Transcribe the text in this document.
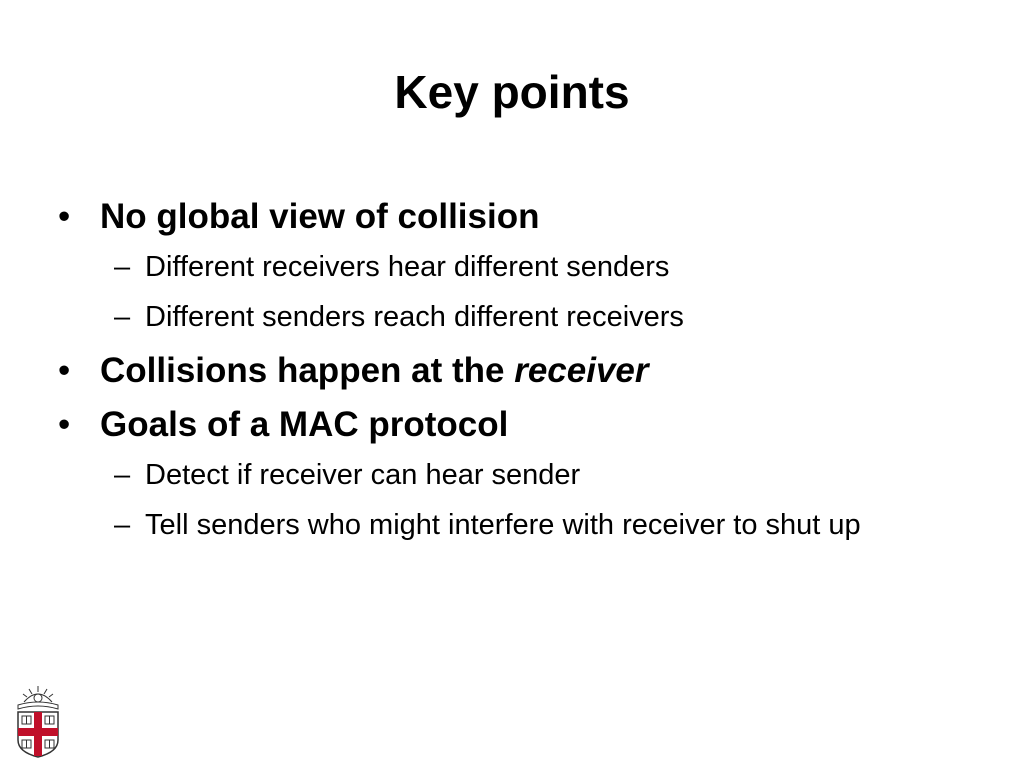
Key points
• No global view of collision
– Different receivers hear different senders
– Different senders reach different receivers
• Collisions happen at the receiver
• Goals of a MAC protocol
– Detect if receiver can hear sender
– Tell senders who might interfere with receiver to shut up
